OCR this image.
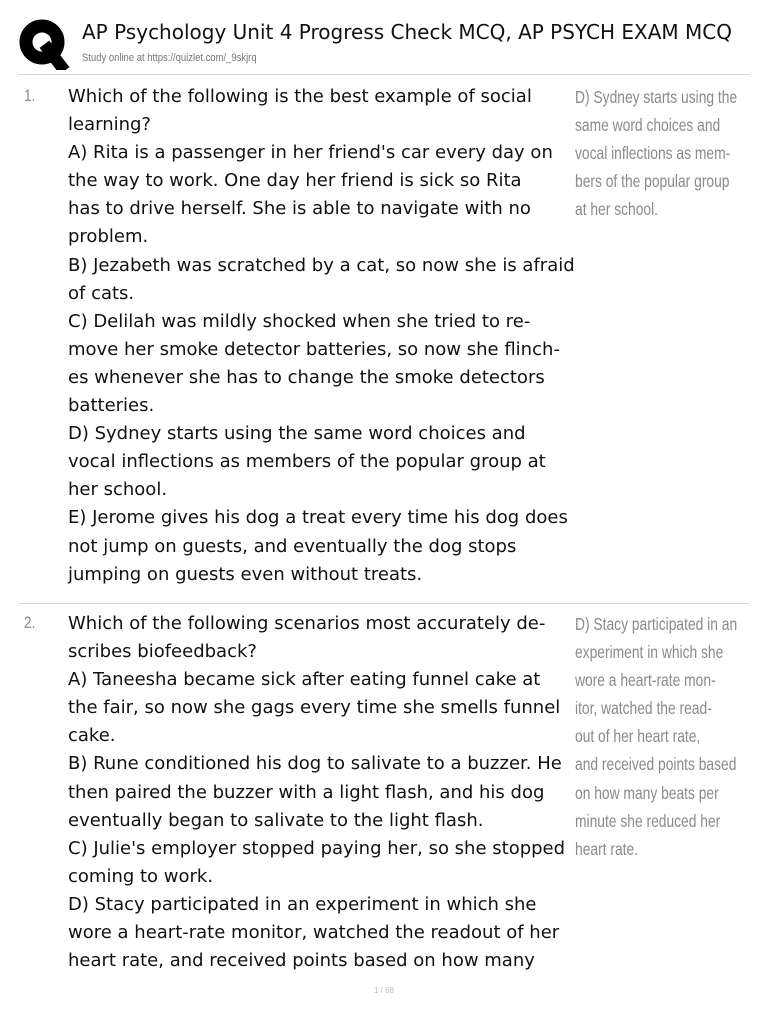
AP Psychology Unit 4 Progress Check MCQ, AP PSYCH EXAM MCQ
Study online at https://quizlet.com/_9skjrq
1. Which of the following is the best example of social
learning?
A) Rita is a passenger in her friend's car every day on
the way to work. One day her friend is sick so Rita
has to drive herself. She is able to navigate with no
problem.
B) Jezabeth was scratched by a cat, so now she is afraid
of cats.
C) Delilah was mildly shocked when she tried to re-
move her smoke detector batteries, so now she flinch-
es whenever she has to change the smoke detectors
batteries.
D) Sydney starts using the same word choices and
vocal inflections as members of the popular group at
her school.
E) Jerome gives his dog a treat every time his dog does
not jump on guests, and eventually the dog stops
jumping on guests even without treats.
D) Sydney starts using the
same word choices and
vocal inflections as mem-
bers of the popular group
at her school.
2. Which of the following scenarios most accurately de-
scribes biofeedback?
A) Taneesha became sick after eating funnel cake at
the fair, so now she gags every time she smells funnel
cake.
B) Rune conditioned his dog to salivate to a buzzer. He
then paired the buzzer with a light flash, and his dog
eventually began to salivate to the light flash.
C) Julie's employer stopped paying her, so she stopped
coming to work.
D) Stacy participated in an experiment in which she
wore a heart-rate monitor, watched the readout of her
heart rate, and received points based on how many
D) Stacy participated in an
experiment in which she
wore a heart-rate mon-
itor, watched the read-
out of her heart rate,
and received points based
on how many beats per
minute she reduced her
heart rate.
1 / 68
